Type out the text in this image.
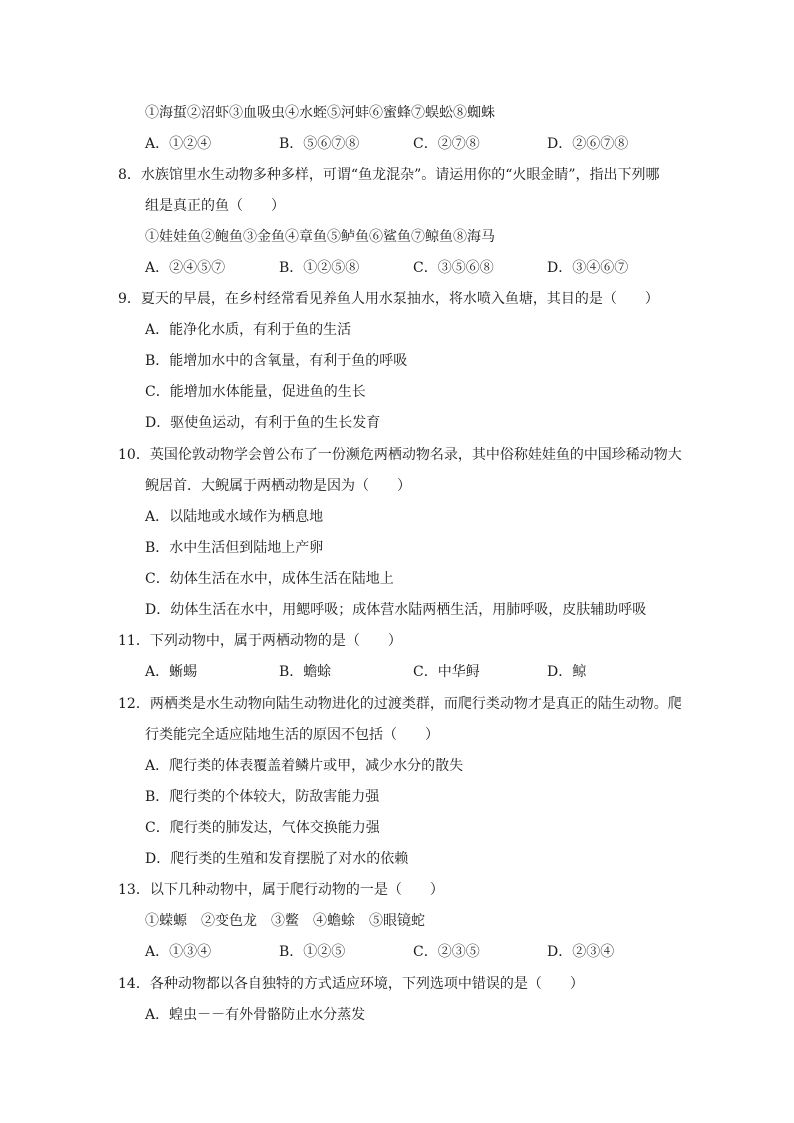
①海蜇②沼虾③血吸虫④水蛭⑤河蚌⑥蜜蜂⑦蜈蚣⑧蜘蛛
A．①②④	B．⑤⑥⑦⑧	C．②⑦⑧	D．②⑥⑦⑧
8．水族馆里水生动物多种多样，可谓“鱼龙混杂”。请运用你的“火眼金睛”，指出下列哪
组是真正的鱼（　　）
①娃娃鱼②鲍鱼③金鱼④章鱼⑤鲈鱼⑥鲨鱼⑦鲸鱼⑧海马
A．②④⑤⑦	B．①②⑤⑧	C．③⑤⑥⑧	D．③④⑥⑦
9．夏天的早晨，在乡村经常看见养鱼人用水泵抽水，将水喷入鱼塘，其目的是（　　）
A．能净化水质，有利于鱼的生活
B．能增加水中的含氧量，有利于鱼的呼吸
C．能增加水体能量，促进鱼的生长
D．驱使鱼运动，有利于鱼的生长发育
10．英国伦敦动物学会曾公布了一份濒危两栖动物名录，其中俗称娃娃鱼的中国珍稀动物大
鲵居首．大鲵属于两栖动物是因为（　　）
A．以陆地或水域作为栖息地
B．水中生活但到陆地上产卵
C．幼体生活在水中，成体生活在陆地上
D．幼体生活在水中，用鳃呼吸；成体营水陆两栖生活，用肺呼吸，皮肤辅助呼吸
11．下列动物中，属于两栖动物的是（　　）
A．蜥蜴	B．蟾蜍	C．中华鲟	D．鲸
12．两栖类是水生动物向陆生动物进化的过渡类群，而爬行类动物才是真正的陆生动物。爬
行类能完全适应陆地生活的原因不包括（　　）
A．爬行类的体表覆盖着鳞片或甲，减少水分的散失
B．爬行类的个体较大，防敌害能力强
C．爬行类的肺发达，气体交换能力强
D．爬行类的生殖和发育摆脱了对水的依赖
13．以下几种动物中，属于爬行动物的一是（　　）
①蝾螈　②变色龙　③鳖　④蟾蜍　⑤眼镜蛇
A．①③④	B．①②⑤	C．②③⑤	D．②③④
14．各种动物都以各自独特的方式适应环境，下列选项中错误的是（　　）
A．蝗虫－－有外骨骼防止水分蒸发
